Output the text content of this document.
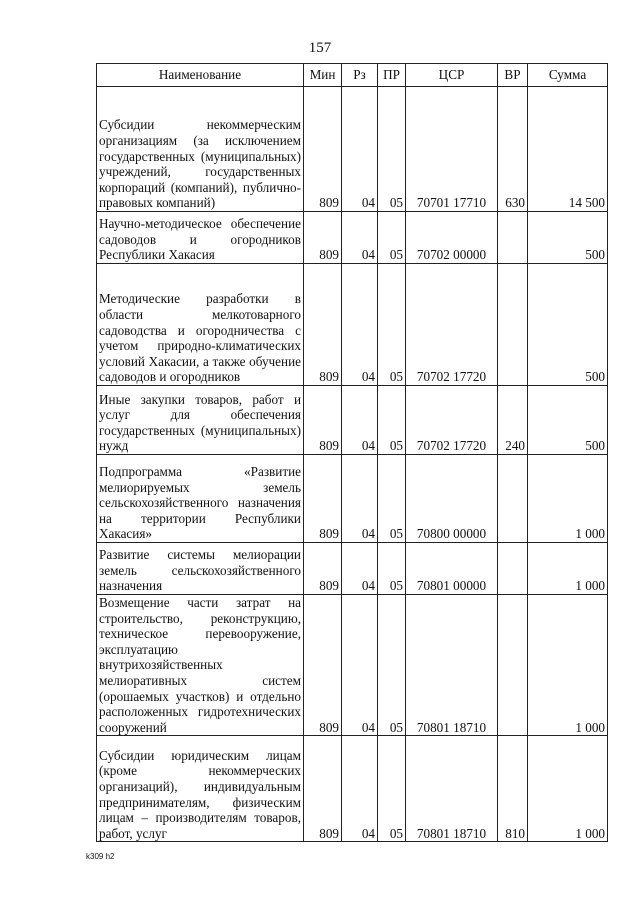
157
Наименование	Мин	Рз	ПР	ЦСР	ВР	Сумма
Субсидии некоммерческим организациям (за исключением государственных (муниципальных) учреждений, государственных корпораций (компаний), публично-правовых компаний)	809	04	05	70701 17710	630	14 500
Научно-методическое обеспечение садоводов и огородников Республики Хакасия	809	04	05	70702 00000		500
Методические разработки в области мелкотоварного садоводства и огородничества с учетом природно-климатических условий Хакасии, а также обучение садоводов и огородников	809	04	05	70702 17720		500
Иные закупки товаров, работ и услуг для обеспечения государственных (муниципальных) нужд	809	04	05	70702 17720	240	500
Подпрограмма «Развитие мелиорируемых земель сельскохозяйственного назначения на территории Республики Хакасия»	809	04	05	70800 00000		1 000
Развитие системы мелиорации земель сельскохозяйственного назначения	809	04	05	70801 00000		1 000
Возмещение части затрат на строительство, реконструкцию, техническое перевооружение, эксплуатацию внутрихозяйственных мелиоративных систем (орошаемых участков) и отдельно расположенных гидротехнических сооружений	809	04	05	70801 18710		1 000
Субсидии юридическим лицам (кроме некоммерческих организаций), индивидуальным предпринимателям, физическим лицам – производителям товаров, работ, услуг	809	04	05	70801 18710	810	1 000
k309 h2
